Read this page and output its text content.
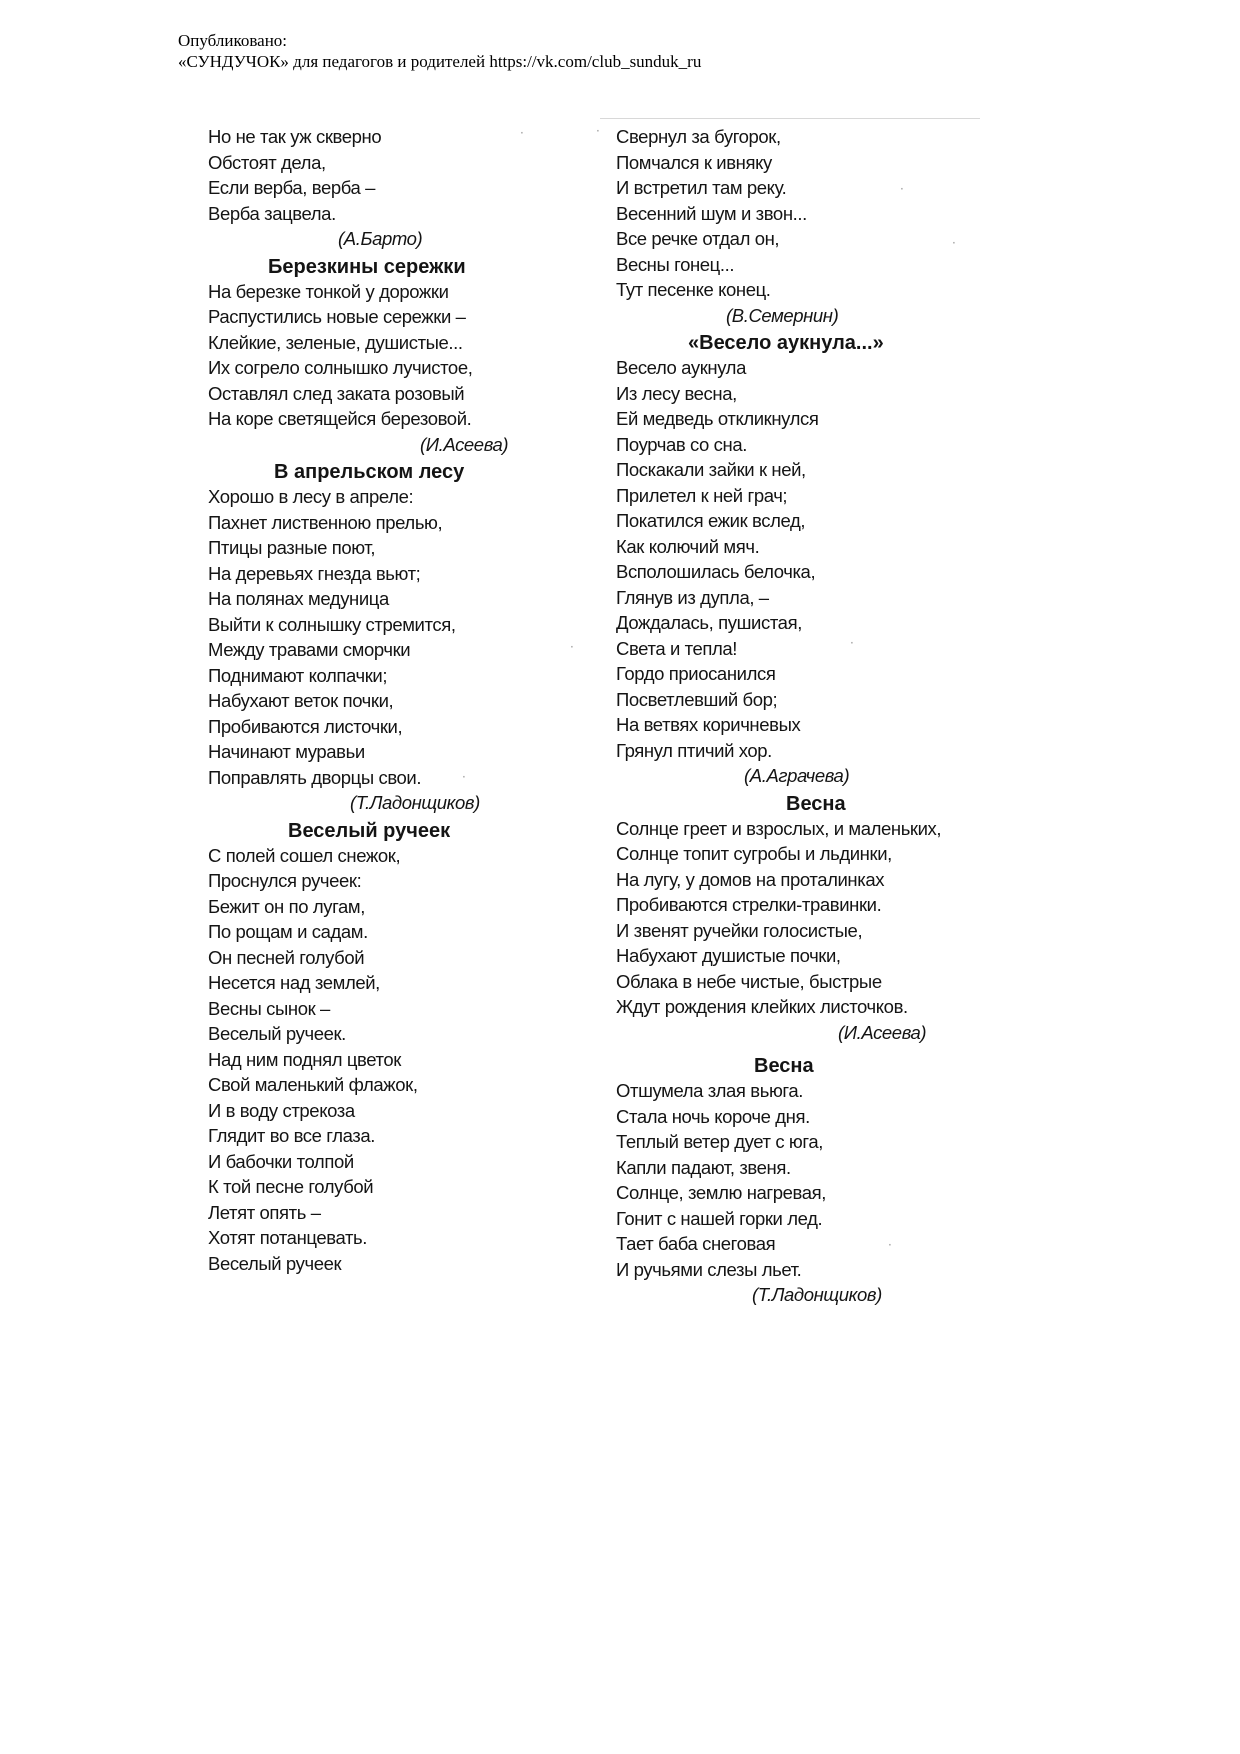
Опубликовано:
«СУНДУЧОК» для педагогов и родителей https://vk.com/club_sunduk_ru
Но не так уж скверно
Обстоят дела,
Если верба, верба –
Верба зацвела.
(А.Барто)
Березкины сережки
На березке тонкой у дорожки
Распустились новые сережки –
Клейкие, зеленые, душистые...
Их согрело солнышко лучистое,
Оставлял след заката розовый
На коре светящейся березовой.
(И.Асеева)
В апрельском лесу
Хорошо в лесу в апреле:
Пахнет лиственною прелью,
Птицы разные поют,
На деревьях гнезда вьют;
На полянах медуница
Выйти к солнышку стремится,
Между травами сморчки
Поднимают колпачки;
Набухают веток почки,
Пробиваются листочки,
Начинают муравьи
Поправлять дворцы свои.
(Т.Ладонщиков)
Веселый ручеек
С полей сошел снежок,
Проснулся ручеек:
Бежит он по лугам,
По рощам и садам.
Он песней голубой
Несется над землей,
Весны сынок –
Веселый ручеек.
Над ним поднял цветок
Свой маленький флажок,
И в воду стрекоза
Глядит во все глаза.
И бабочки толпой
К той песне голубой
Летят опять –
Хотят потанцевать.
Веселый ручеек
Свернул за бугорок,
Помчался к ивняку
И встретил там реку.
Весенний шум и звон...
Все речке отдал он,
Весны гонец...
Тут песенке конец.
(В.Семернин)
«Весело аукнула...»
Весело аукнула
Из лесу весна,
Ей медведь откликнулся
Поурчав со сна.
Поскакали зайки к ней,
Прилетел к ней грач;
Покатился ежик вслед,
Как колючий мяч.
Всполошилась белочка,
Глянув из дупла, –
Дождалась, пушистая,
Света и тепла!
Гордо приосанился
Посветлевший бор;
На ветвях коричневых
Грянул птичий хор.
(А.Аграчева)
Весна
Солнце греет и взрослых, и маленьких,
Солнце топит сугробы и льдинки,
На лугу, у домов на проталинках
Пробиваются стрелки-травинки.
И звенят ручейки голосистые,
Набухают душистые почки,
Облака в небе чистые, быстрые
Ждут рождения клейких листочков.
(И.Асеева)
Весна
Отшумела злая вьюга.
Стала ночь короче дня.
Теплый ветер дует с юга,
Капли падают, звеня.
Солнце, землю нагревая,
Гонит с нашей горки лед.
Тает баба снеговая
И ручьями слезы льет.
(Т.Ладонщиков)
·	·
·
·
·	·
·
·
